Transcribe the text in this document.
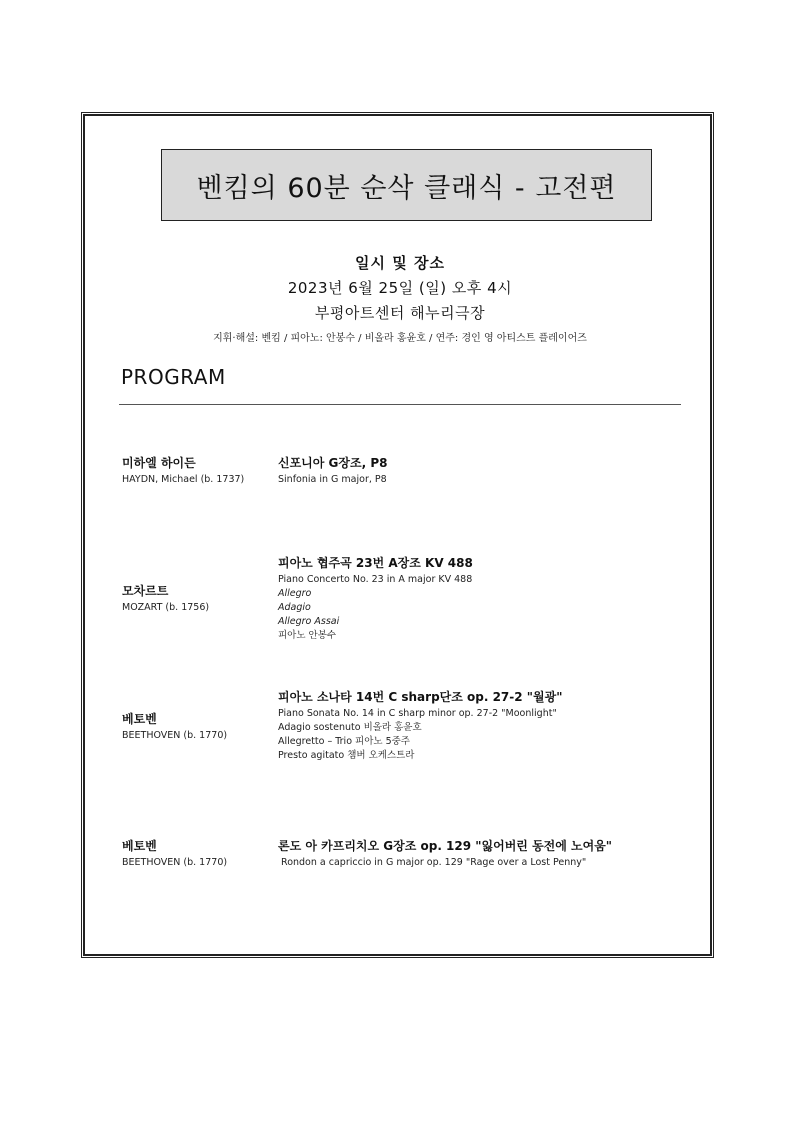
벤킴의 60분 순삭 클래식 - 고전편
일시 및 장소
2023년 6월 25일 (일) 오후 4시
부평아트센터 해누리극장
지휘·해설: 벤킴 / 피아노: 안봉수 / 비올라 홍윤호 / 연주: 경인 영 아티스트 플레이어즈
PROGRAM
미하엘 하이든
HAYDN, Michael (b. 1737)
신포니아 G장조, P8
Sinfonia in G major, P8
모차르트
MOZART (b. 1756)
피아노 협주곡 23번 A장조 KV 488
Piano Concerto No. 23 in A major KV 488
Allegro
Adagio
Allegro Assai
피아노 안봉수
베토벤
BEETHOVEN (b. 1770)
피아노 소나타 14번 C sharp단조 op. 27-2 "월광"
Piano Sonata No. 14 in C sharp minor op. 27-2 "Moonlight"
Adagio sostenuto 비올라 홍윤호
Allegretto – Trio 피아노 5중주
Presto agitato 챔버 오케스트라
베토벤
BEETHOVEN (b. 1770)
론도 아 카프리치오 G장조 op. 129 "잃어버린 동전에 노여움"
Rondon a capriccio in G major op. 129 "Rage over a Lost Penny"
